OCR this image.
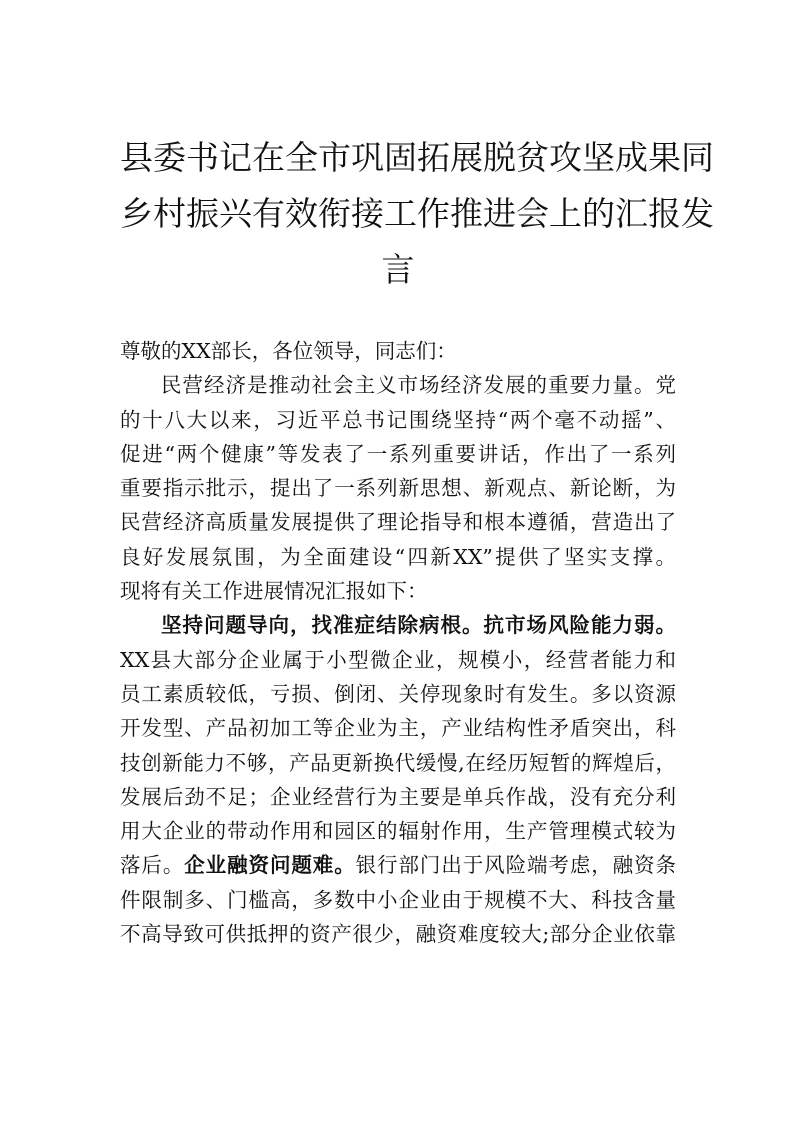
县委书记在全市巩固拓展脱贫攻坚成果同
乡村振兴有效衔接工作推进会上的汇报发
言
尊敬的XX部长，各位领导，同志们：
民营经济是推动社会主义市场经济发展的重要力量。党
的十八大以来，习近平总书记围绕坚持“两个毫不动摇”、
促进“两个健康”等发表了一系列重要讲话，作出了一系列
重要指示批示，提出了一系列新思想、新观点、新论断，为
民营经济高质量发展提供了理论指导和根本遵循，营造出了
良好发展氛围，为全面建设“四新XX”提供了坚实支撑。
现将有关工作进展情况汇报如下：
坚持问题导向，找准症结除病根。抗市场风险能力弱。
XX县大部分企业属于小型微企业，规模小，经营者能力和
员工素质较低，亏损、倒闭、关停现象时有发生。多以资源
开发型、产品初加工等企业为主，产业结构性矛盾突出，科
技创新能力不够，产品更新换代缓慢,在经历短暂的辉煌后，
发展后劲不足；企业经营行为主要是单兵作战，没有充分利
用大企业的带动作用和园区的辐射作用，生产管理模式较为
落后。企业融资问题难。银行部门出于风险端考虑，融资条
件限制多、门槛高，多数中小企业由于规模不大、科技含量
不高导致可供抵押的资产很少，融资难度较大;部分企业依靠
